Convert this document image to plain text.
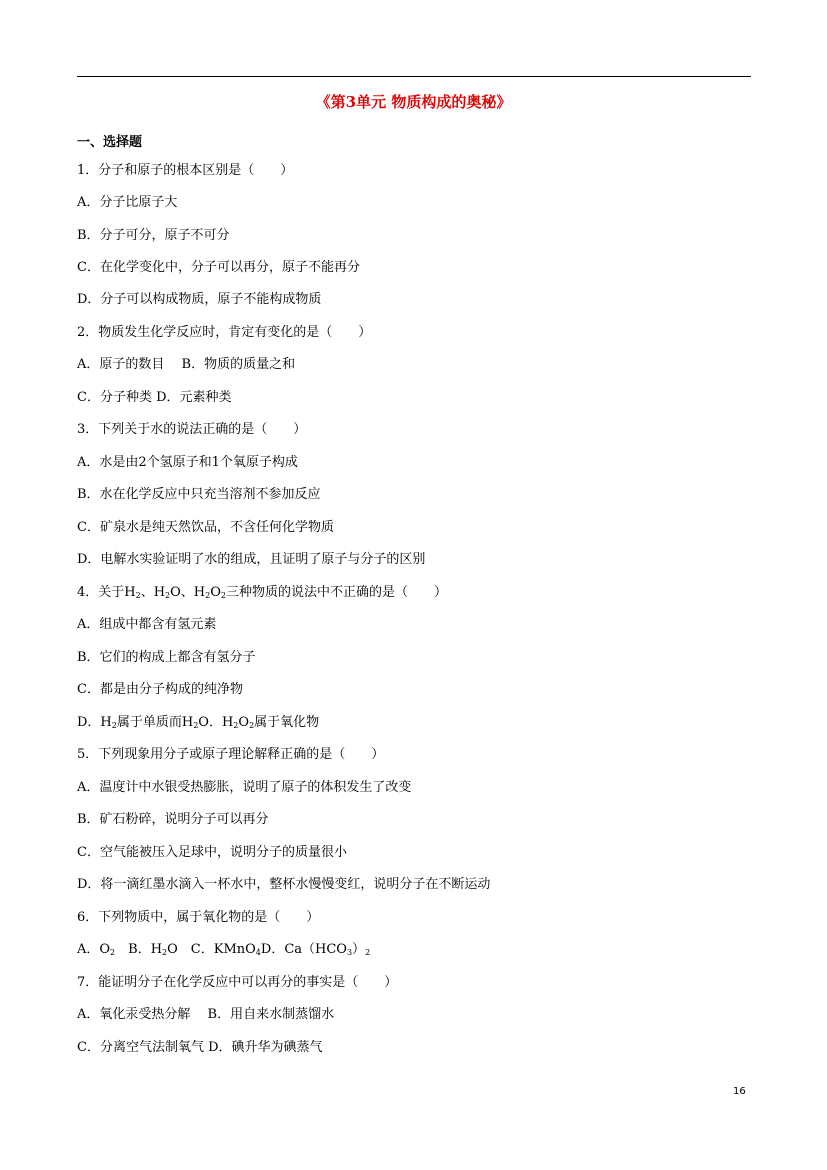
《第3单元 物质构成的奥秘》
一、选择题
1．分子和原子的根本区别是（　　）
A．分子比原子大
B．分子可分，原子不可分
C．在化学变化中，分子可以再分，原子不能再分
D．分子可以构成物质，原子不能构成物质
2．物质发生化学反应时，肯定有变化的是（　　）
A．原子的数目　 B．物质的质量之和
C．分子种类 D．元素种类
3．下列关于水的说法正确的是（　　）
A．水是由2个氢原子和1个氧原子构成
B．水在化学反应中只充当溶剂不参加反应
C．矿泉水是纯天然饮品，不含任何化学物质
D．电解水实验证明了水的组成，且证明了原子与分子的区别
4．关于$H_2$、$H_2O$、$H_2O_2$三种物质的说法中不正确的是（　　）
A．组成中都含有氢元素
B．它们的构成上都含有氢分子
C．都是由分子构成的纯净物
D．$H_2$属于单质而$H_2O$．$H_2O_2$属于氧化物
5．下列现象用分子或原子理论解释正确的是（　　）
A．温度计中水银受热膨胀，说明了原子的体积发生了改变
B．矿石粉碎，说明分子可以再分
C．空气能被压入足球中，说明分子的质量很小
D．将一滴红墨水滴入一杯水中，整杯水慢慢变红，说明分子在不断运动
6．下列物质中，属于氧化物的是（　　）
A．$O_2$　B．$H_2O$　C．KMnO$_4$D．$Ca(HCO_3)_2$
7．能证明分子在化学反应中可以再分的事实是（　　）
A．氧化汞受热分解　 B．用自来水制蒸馏水
C．分离空气法制氧气 D．碘升华为碘蒸气
16
